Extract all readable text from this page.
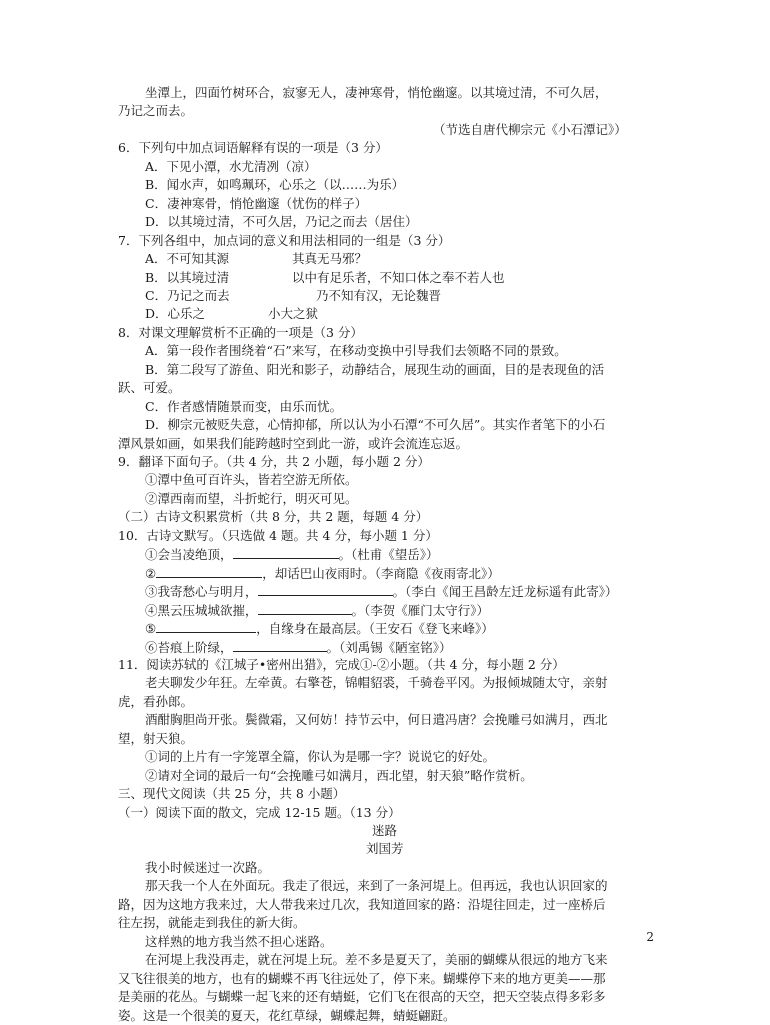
坐潭上，四面竹树环合，寂寥无人，凄神寒骨，悄怆幽邃。以其境过清，不可久居，
乃记之而去。
（节选自唐代柳宗元《小石潭记》）
6．下列句中加点词语解释有误的一项是（3 分）
A．下见小潭，水尤清冽（凉）
B．闻水声，如鸣珮环，心乐之（以……为乐）
C．凄神寒骨，悄怆幽邃（忧伤的样子）
D．以其境过清，不可久居，乃记之而去（居住）
7．下列各组中，加点词的意义和用法相同的一组是（3 分）
A．不可知其源	其真无马邪？
B．以其境过清	以中有足乐者，不知口体之奉不若人也
C．乃记之而去	乃不知有汉，无论魏晋
D．心乐之	小大之狱
8．对课文理解赏析不正确的一项是（3 分）
A．第一段作者围绕着“石”来写，在移动变换中引导我们去领略不同的景致。
B．第二段写了游鱼、阳光和影子，动静结合，展现生动的画面，目的是表现鱼的活
跃、可爱。
C．作者感情随景而变，由乐而忧。
D．柳宗元被贬失意，心情抑郁，所以认为小石潭“不可久居”。其实作者笔下的小石
潭风景如画，如果我们能跨越时空到此一游，或许会流连忘返。
9．翻译下面句子。（共 4 分，共 2 小题，每小题 2 分）
①潭中鱼可百许头，皆若空游无所依。
②潭西南而望，斗折蛇行，明灭可见。
（二）古诗文积累赏析（共 8 分，共 2 题，每题 4 分）
10．古诗文默写。（只选做 4 题。共 4 分，每小题 1 分）
①会当凌绝顶，	。（杜甫《望岳》）
②	，却话巴山夜雨时。（李商隐《夜雨寄北》）
③我寄愁心与明月，	。（李白《闻王昌龄左迁龙标遥有此寄》）
④黑云压城城欲摧，	。（李贺《雁门太守行》）
⑤	，自缘身在最高层。（王安石《登飞来峰》）
⑥苔痕上阶绿，	。（刘禹锡《陋室铭》）
11．阅读苏轼的《江城子•密州出猎》，完成①-②小题。（共 4 分，每小题 2 分）
老夫聊发少年狂。左牵黄。右擎苍，锦帽貂裘，千骑卷平冈。为报倾城随太守，亲射
虎，看孙郎。
酒酣胸胆尚开张。鬓微霜，又何妨！持节云中，何日遣冯唐？会挽雕弓如满月，西北
望，射天狼。
①词的上片有一字笼罩全篇，你认为是哪一字？说说它的好处。
②请对全词的最后一句“会挽雕弓如满月，西北望，射天狼”略作赏析。
三、现代文阅读（共 25 分，共 8 小题）
（一）阅读下面的散文，完成 12-15 题。（13 分）
迷路
刘国芳
我小时候迷过一次路。
那天我一个人在外面玩。我走了很远，来到了一条河堤上。但再远，我也认识回家的
路，因为这地方我来过，大人带我来过几次，我知道回家的路：沿堤往回走，过一座桥后
往左拐，就能走到我住的新大街。
这样熟的地方我当然不担心迷路。
在河堤上我没再走，就在河堤上玩。差不多是夏天了，美丽的蝴蝶从很远的地方飞来
2
又飞往很美的地方，也有的蝴蝶不再飞往远处了，停下来。蝴蝶停下来的地方更美——那
是美丽的花丛。与蝴蝶一起飞来的还有蜻蜓，它们飞在很高的天空，把天空装点得多彩多
姿。这是一个很美的夏天，花红草绿，蝴蝶起舞，蜻蜓翩跹。
